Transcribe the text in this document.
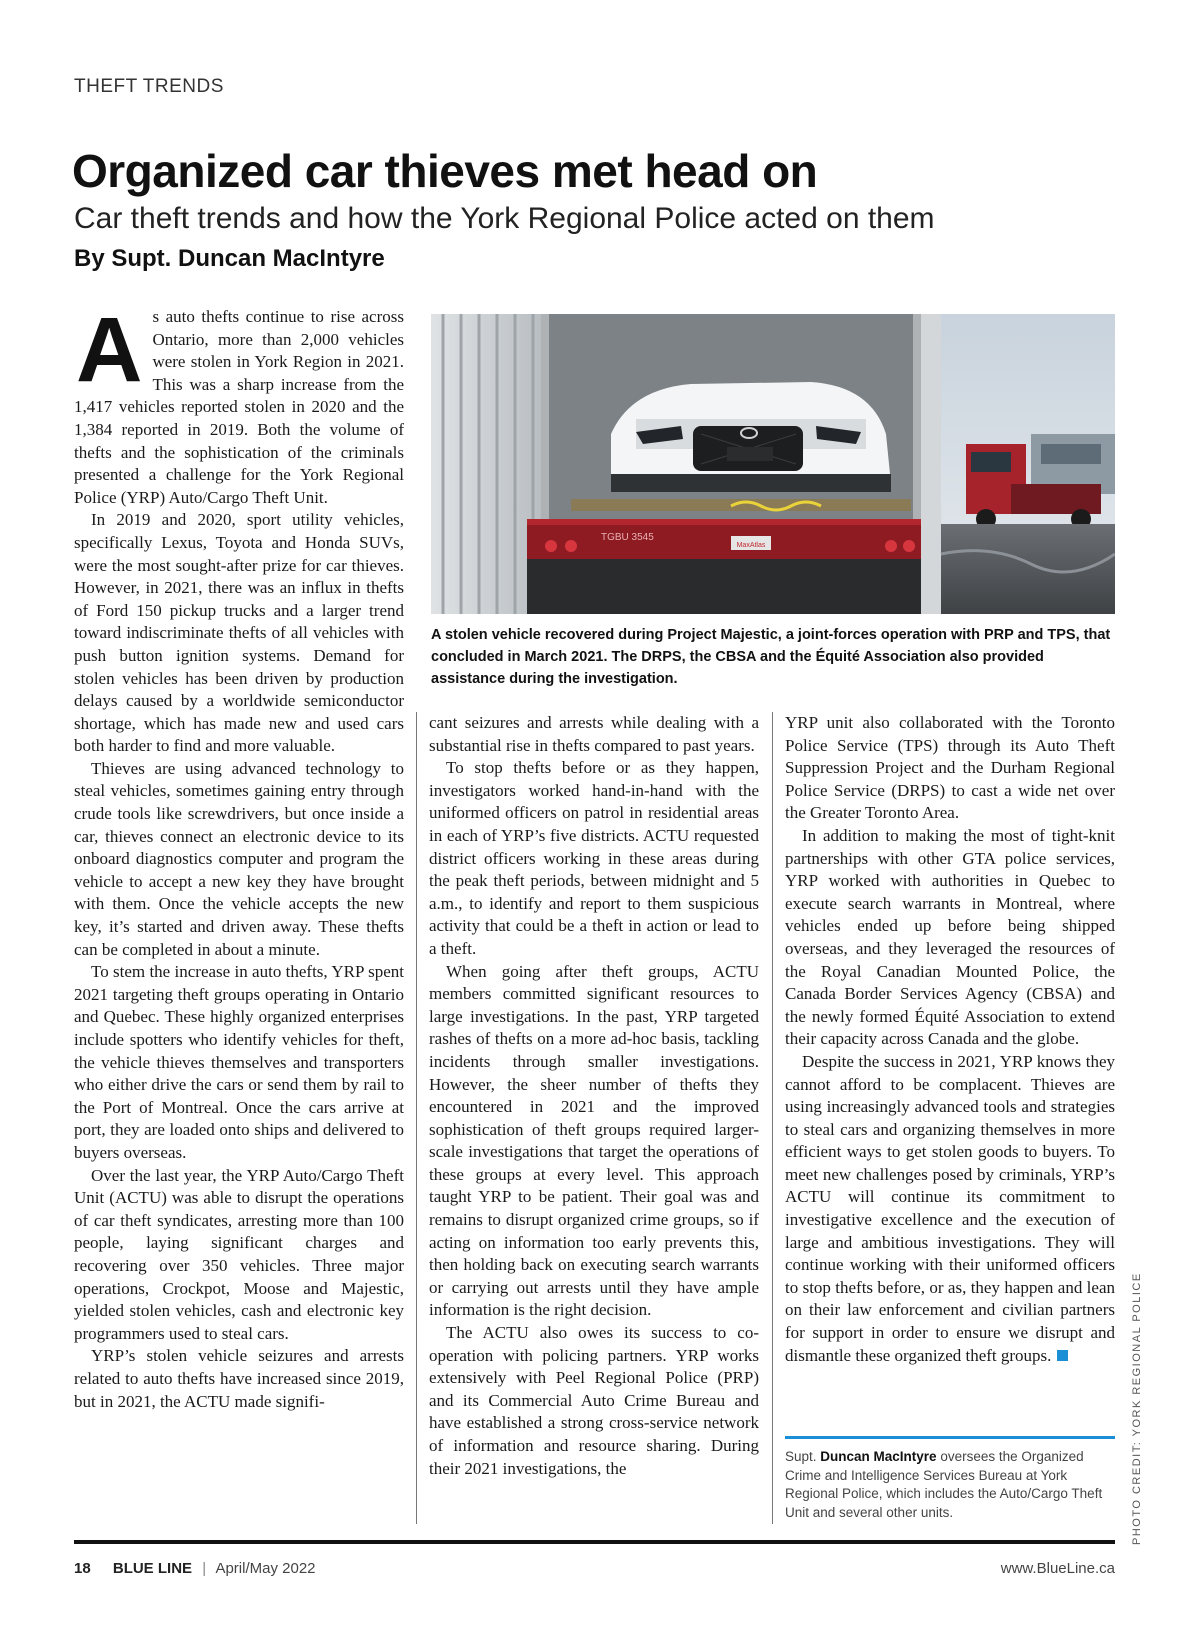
THEFT TRENDS
Organized car thieves met head on
Car theft trends and how the York Regional Police acted on them
By Supt. Duncan MacIntyre
A s auto thefts continue to rise across Ontario, more than 2,000 vehicles were stolen in York Region in 2021. This was a sharp increase from the 1,417 vehicles reported stolen in 2020 and the 1,384 reported in 2019. Both the volume of thefts and the sophistication of the criminals presented a challenge for the York Regional Police (YRP) Auto/Cargo Theft Unit.

In 2019 and 2020, sport utility vehicles, specifically Lexus, Toyota and Honda SUVs, were the most sought-after prize for car thieves. However, in 2021, there was an influx in thefts of Ford 150 pickup trucks and a larger trend toward indiscriminate thefts of all vehicles with push button ignition systems. Demand for stolen vehicles has been driven by production delays caused by a worldwide semiconductor shortage, which has made new and used cars both harder to find and more valuable.

Thieves are using advanced technology to steal vehicles, sometimes gaining entry through crude tools like screwdrivers, but once inside a car, thieves connect an electronic device to its onboard diagnostics computer and program the vehicle to accept a new key they have brought with them. Once the vehicle accepts the new key, it’s started and driven away. These thefts can be completed in about a minute.

To stem the increase in auto thefts, YRP spent 2021 targeting theft groups operating in Ontario and Quebec. These highly organized enterprises include spotters who identify vehicles for theft, the vehicle thieves themselves and transporters who either drive the cars or send them by rail to the Port of Montreal. Once the cars arrive at port, they are loaded onto ships and delivered to buyers overseas.

Over the last year, the YRP Auto/Cargo Theft Unit (ACTU) was able to disrupt the operations of car theft syndicates, arresting more than 100 people, laying significant charges and recovering over 350 vehicles. Three major operations, Crockpot, Moose and Majestic, yielded stolen vehicles, cash and electronic key programmers used to steal cars.

YRP’s stolen vehicle seizures and arrests related to auto thefts have increased since 2019, but in 2021, the ACTU made signifi-

MaxAtlas
TGBU 3545
A stolen vehicle recovered during Project Majestic, a joint-forces operation with PRP and TPS, that concluded in March 2021. The DRPS, the CBSA and the Équité Association also provided assistance during the investigation.

cant seizures and arrests while dealing with a substantial rise in thefts compared to past years.

To stop thefts before or as they happen, investigators worked hand-in-hand with the uniformed officers on patrol in residential areas in each of YRP’s five districts. ACTU requested district officers working in these areas during the peak theft periods, between midnight and 5 a.m., to identify and report to them suspicious activity that could be a theft in action or lead to a theft.

When going after theft groups, ACTU members committed significant resources to large investigations. In the past, YRP targeted rashes of thefts on a more ad-hoc basis, tackling incidents through smaller investigations. However, the sheer number of thefts they encountered in 2021 and the improved sophistication of theft groups required larger-scale investigations that target the operations of these groups at every level. This approach taught YRP to be patient. Their goal was and remains to disrupt organized crime groups, so if acting on information too early prevents this, then holding back on executing search warrants or carrying out arrests until they have ample information is the right decision.

The ACTU also owes its success to co-operation with policing partners. YRP works extensively with Peel Regional Police (PRP) and its Commercial Auto Crime Bureau and have established a strong cross-service network of information and resource sharing. During their 2021 investigations, the

YRP unit also collaborated with the Toronto Police Service (TPS) through its Auto Theft Suppression Project and the Durham Regional Police Service (DRPS) to cast a wide net over the Greater Toronto Area.

In addition to making the most of tight-knit partnerships with other GTA police services, YRP worked with authorities in Quebec to execute search warrants in Montreal, where vehicles ended up before being shipped overseas, and they leveraged the resources of the Royal Canadian Mounted Police, the Canada Border Services Agency (CBSA) and the newly formed Équité Association to extend their capacity across Canada and the globe.

Despite the success in 2021, YRP knows they cannot afford to be complacent. Thieves are using increasingly advanced tools and strategies to steal cars and organizing themselves in more efficient ways to get stolen goods to buyers. To meet new challenges posed by criminals, YRP’s ACTU will continue its commitment to investigative excellence and the execution of large and ambitious investigations. They will continue working with their uniformed officers to stop thefts before, or as, they happen and lean on their law enforcement and civilian partners for support in order to ensure we disrupt and dismantle these organized theft groups.

Supt. Duncan MacIntyre oversees the Organized Crime and Intelligence Services Bureau at York Regional Police, which includes the Auto/Cargo Theft Unit and several other units.	PHOTO CREDIT: YORK REGIONAL POLICE
18 BLUE LINE | April/May 2022	www.BlueLine.ca
